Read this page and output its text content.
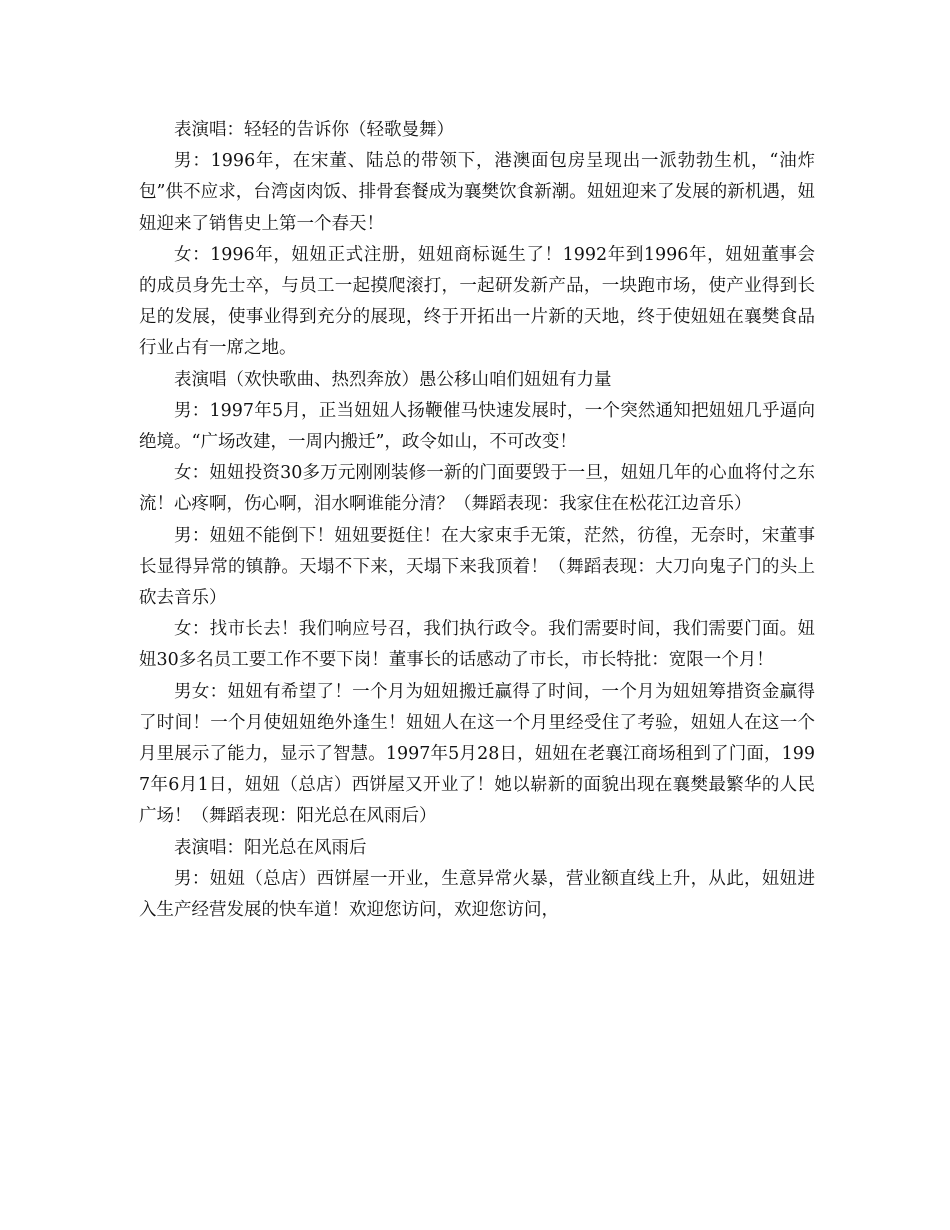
表演唱：轻轻的告诉你（轻歌曼舞）

男：1996年，在宋董、陆总的带领下，港澳面包房呈现出一派勃勃生机，“油炸包”供不应求，台湾卤肉饭、排骨套餐成为襄樊饮食新潮。妞妞迎来了发展的新机遇，妞妞迎来了销售史上第一个春天！

女：1996年，妞妞正式注册，妞妞商标诞生了！1992年到1996年，妞妞董事会的成员身先士卒，与员工一起摸爬滚打，一起研发新产品，一块跑市场，使产业得到长足的发展，使事业得到充分的展现，终于开拓出一片新的天地，终于使妞妞在襄樊食品行业占有一席之地。

表演唱（欢快歌曲、热烈奔放）愚公移山咱们妞妞有力量

男：1997年5月，正当妞妞人扬鞭催马快速发展时，一个突然通知把妞妞几乎逼向绝境。“广场改建，一周内搬迁”，政令如山，不可改变！

女：妞妞投资30多万元刚刚装修一新的门面要毁于一旦，妞妞几年的心血将付之东流！心疼啊，伤心啊，泪水啊谁能分清？（舞蹈表现：我家住在松花江边音乐）

男：妞妞不能倒下！妞妞要挺住！在大家束手无策，茫然，彷徨，无奈时，宋董事长显得异常的镇静。天塌不下来，天塌下来我顶着！（舞蹈表现：大刀向鬼子门的头上砍去音乐）

女：找市长去！我们响应号召，我们执行政令。我们需要时间，我们需要门面。妞妞30多名员工要工作不要下岗！董事长的话感动了市长，市长特批：宽限一个月！

男女：妞妞有希望了！一个月为妞妞搬迁赢得了时间，一个月为妞妞筹措资金赢得了时间！一个月使妞妞绝外逢生！妞妞人在这一个月里经受住了考验，妞妞人在这一个月里展示了能力，显示了智慧。1997年5月28日，妞妞在老襄江商场租到了门面，1997年6月1日，妞妞（总店）西饼屋又开业了！她以崭新的面貌出现在襄樊最繁华的人民广场！（舞蹈表现：阳光总在风雨后）

表演唱：阳光总在风雨后

男：妞妞（总店）西饼屋一开业，生意异常火暴，营业额直线上升，从此，妞妞进入生产经营发展的快车道！欢迎您访问，欢迎您访问，
